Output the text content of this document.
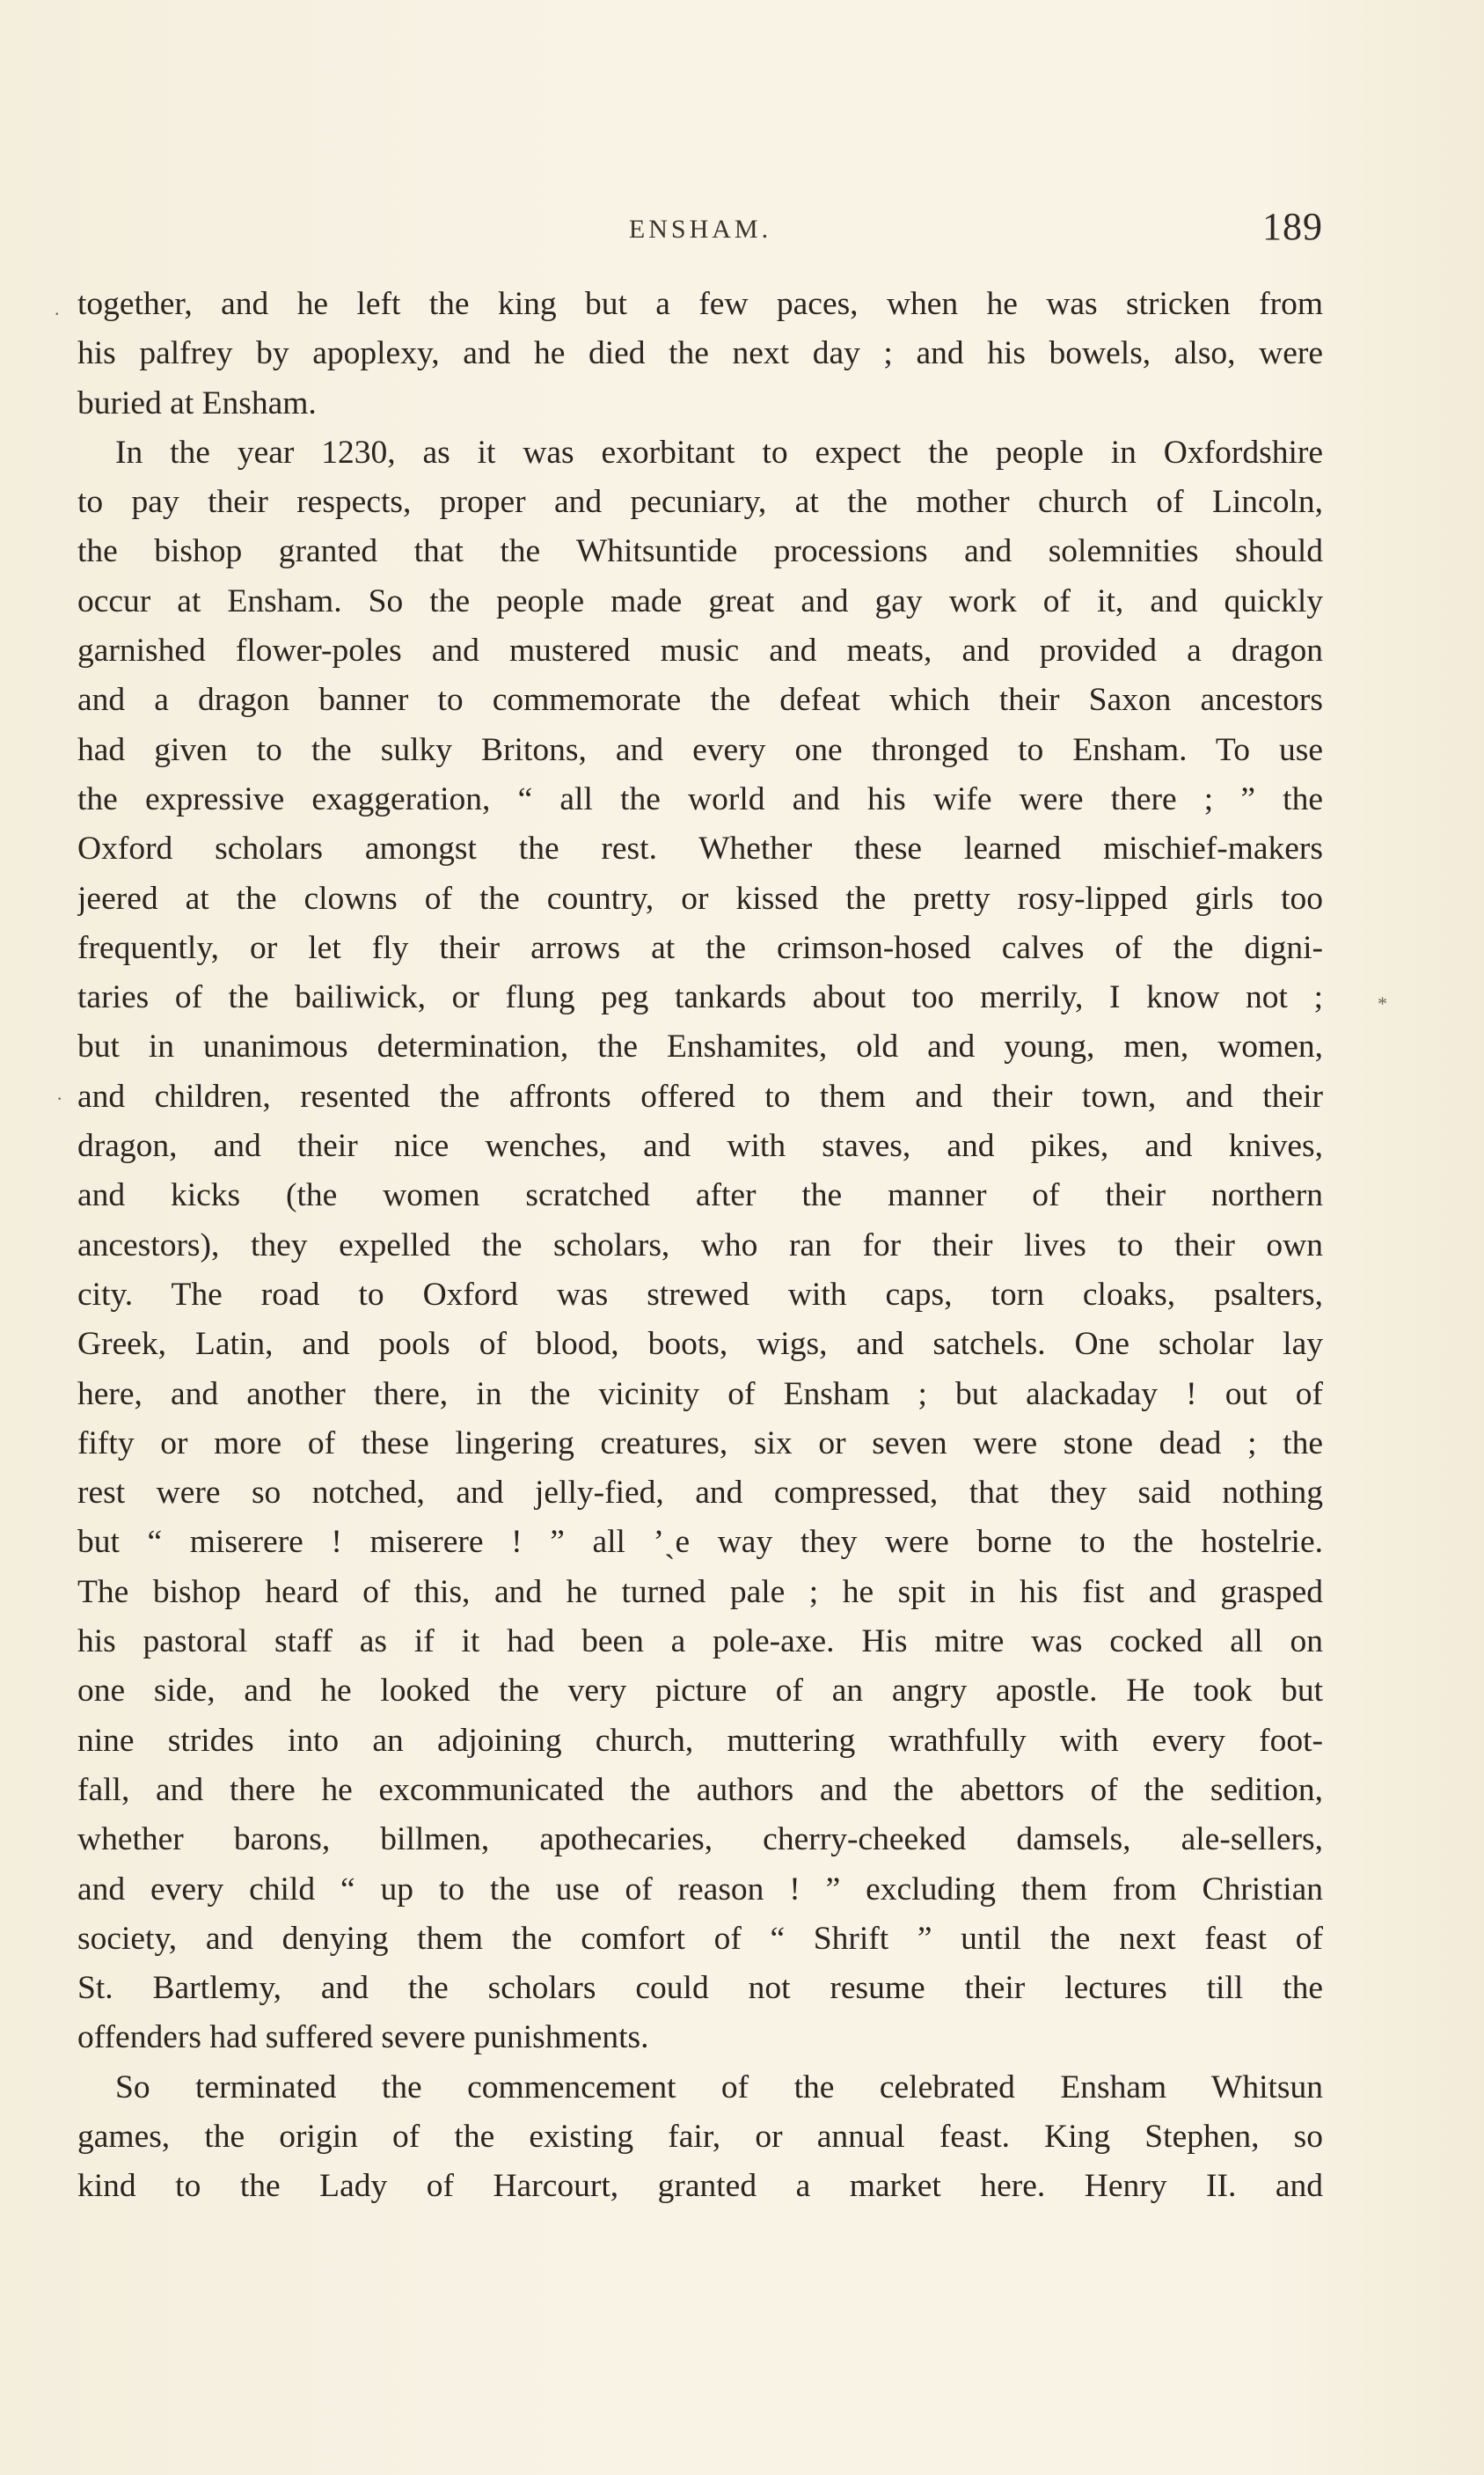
ENSHAM.	189
together, and he left the king but a few paces, when he was stricken from
his palfrey by apoplexy, and he died the next day ; and his bowels, also, were
buried at Ensham.
In the year 1230, as it was exorbitant to expect the people in Oxfordshire
to pay their respects, proper and pecuniary, at the mother church of Lincoln,
the bishop granted that the Whitsuntide processions and solemnities should
occur at Ensham. So the people made great and gay work of it, and quickly
garnished flower-poles and mustered music and meats, and provided a dragon
and a dragon banner to commemorate the defeat which their Saxon ancestors
had given to the sulky Britons, and every one thronged to Ensham. To use
the expressive exaggeration, “ all the world and his wife were there ; ” the
Oxford scholars amongst the rest. Whether these learned mischief-makers
jeered at the clowns of the country, or kissed the pretty rosy-lipped girls too
frequently, or let fly their arrows at the crimson-hosed calves of the digni-
taries of the bailiwick, or flung peg tankards about too merrily, I know not ;
but in unanimous determination, the Enshamites, old and young, men, women,
and children, resented the affronts offered to them and their town, and their
dragon, and their nice wenches, and with staves, and pikes, and knives,
and kicks (the women scratched after the manner of their northern
ancestors), they expelled the scholars, who ran for their lives to their own
city. The road to Oxford was strewed with caps, torn cloaks, psalters,
Greek, Latin, and pools of blood, boots, wigs, and satchels. One scholar lay
here, and another there, in the vicinity of Ensham ; but alackaday ! out of
fifty or more of these lingering creatures, six or seven were stone dead ; the
rest were so notched, and jelly-fied, and compressed, that they said nothing
but “ miserere ! miserere ! ” all ʼˎе way they were borne to the hostelrie.
The bishop heard of this, and he turned pale ; he spit in his fist and grasped
his pastoral staff as if it had been a pole-axe. His mitre was cocked all on
one side, and he looked the very picture of an angry apostle. He took but
nine strides into an adjoining church, muttering wrathfully with every foot-
fall, and there he excommunicated the authors and the abettors of the sedition,
whether barons, billmen, apothecaries, cherry-cheeked damsels, ale-sellers,
and every child “ up to the use of reason ! ” excluding them from Christian
society, and denying them the comfort of “ Shrift ” until the next feast of
St. Bartlemy, and the scholars could not resume their lectures till the
offenders had suffered severe punishments.
So terminated the commencement of the celebrated Ensham Whitsun
games, the origin of the existing fair, or annual feast. King Stephen, so
kind to the Lady of Harcourt, granted a market here. Henry II. and
.
*
·
